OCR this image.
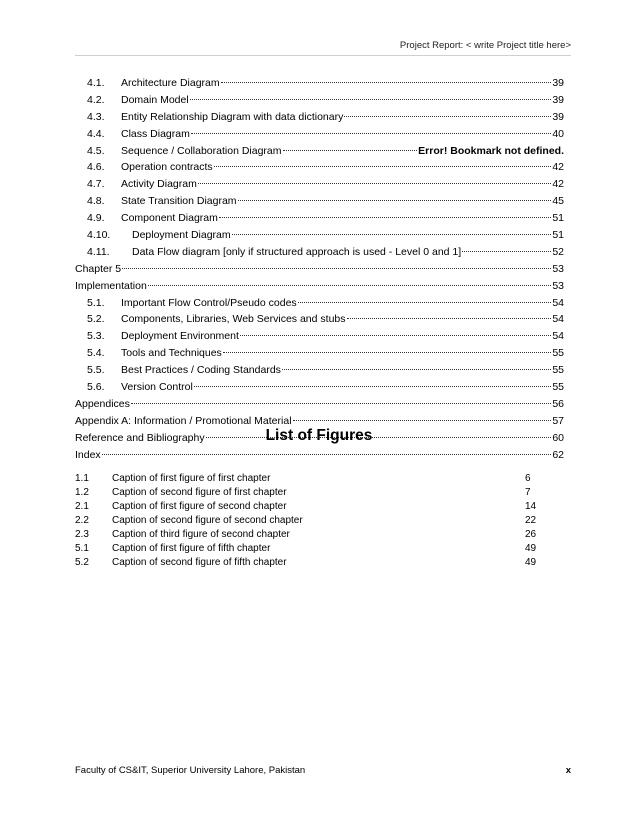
Project Report: < write Project title here>
4.1.	Architecture Diagram	39
4.2.	Domain Model	39
4.3.	Entity Relationship Diagram with data dictionary	39
4.4.	Class Diagram	40
4.5.	Sequence / Collaboration Diagram	Error! Bookmark not defined.
4.6.	Operation contracts	42
4.7.	Activity Diagram	42
4.8.	State Transition Diagram	45
4.9.	Component Diagram	51
4.10.	Deployment Diagram	51
4.11.	Data Flow diagram [only if structured approach is used - Level 0 and 1]	52
Chapter 5	53
Implementation	53
5.1.	Important Flow Control/Pseudo codes	54
5.2.	Components, Libraries, Web Services and stubs	54
5.3.	Deployment Environment	54
5.4.	Tools and Techniques	55
5.5.	Best Practices / Coding Standards	55
5.6.	Version Control	55
Appendices	56
Appendix A: Information / Promotional Material	57
Reference and Bibliography	60
Index	62
List of Figures
1.1	Caption of first figure of first chapter	6
1.2	Caption of second figure of first chapter	7
2.1	Caption of first figure of second chapter	14
2.2	Caption of second figure of second chapter	22
2.3	Caption of third figure of second chapter	26
5.1	Caption of first figure of fifth chapter	49
5.2	Caption of second figure of fifth chapter	49
Faculty of CS&IT, Superior University Lahore, Pakistan	x
